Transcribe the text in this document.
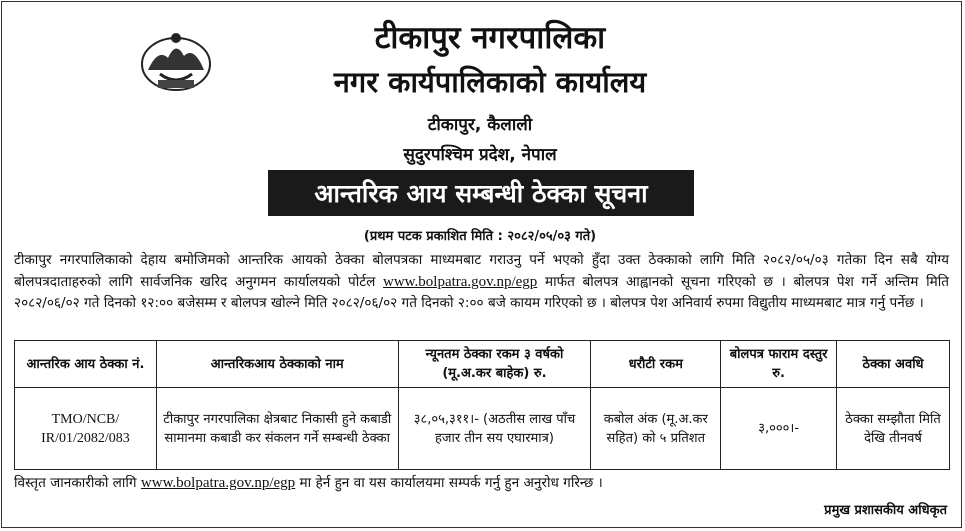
टीकापुर नगरपालिका
नगर कार्यपालिकाको कार्यालय
टीकापुर, कैलाली
सुदुरपश्चिम प्रदेश, नेपाल
आन्तरिक आय सम्बन्धी ठेक्का सूचना
(प्रथम पटक प्रकाशित मिति : २०८२/०५/०३ गते)
टीकापुर नगरपालिकाको देहाय बमोजिमको आन्तरिक आयको ठेक्का बोलपत्रका माध्यमबाट गराउनु पर्ने भएको हुँदा उक्त ठेक्काको लागि मिति २०८२/०५/०३ गतेका दिन सबै योग्य बोलपत्रदाताहरुको लागि सार्वजनिक खरिद अनुगमन कार्यालयको पोर्टल www.bolpatra.gov.np/egp मार्फत बोलपत्र आह्वानको सूचना गरिएको छ । बोलपत्र पेश गर्ने अन्तिम मिति २०८२/०६/०२ गते दिनको १२:०० बजेसम्म र बोलपत्र खोल्ने मिति २०८२/०६/०२ गते दिनको २:०० बजे कायम गरिएको छ । बोलपत्र पेश अनिवार्य रुपमा विद्युतीय माध्यमबाट मात्र गर्नु पर्नेछ ।
आन्तरिक आय ठेक्का नं.	आन्तरिकआय ठेक्काको नाम	न्यूनतम ठेक्का रकम ३ वर्षको (मू.अ.कर बाहेक) रु.	धरौटी रकम	बोलपत्र फाराम दस्तुर रु.	ठेक्का अवधि
TMO/NCB/ IR/01/2082/083	टीकापुर नगरपालिका क्षेत्रबाट निकासी हुने कबाडी सामानमा कबाडी कर संकलन गर्ने सम्बन्धी ठेक्का	३८,०५,३११।- (अठतीस लाख पाँच हजार तीन सय एघारमात्र)	कबोल अंक (मू.अ.कर सहित) को ५ प्रतिशत	३,०००।-	ठेक्का सम्झौता मिति देखि तीनवर्ष
विस्तृत जानकारीको लागि www.bolpatra.gov.np/egp मा हेर्न हुन वा यस कार्यालयमा सम्पर्क गर्नु हुन अनुरोध गरिन्छ ।
प्रमुख प्रशासकीय अधिकृत
